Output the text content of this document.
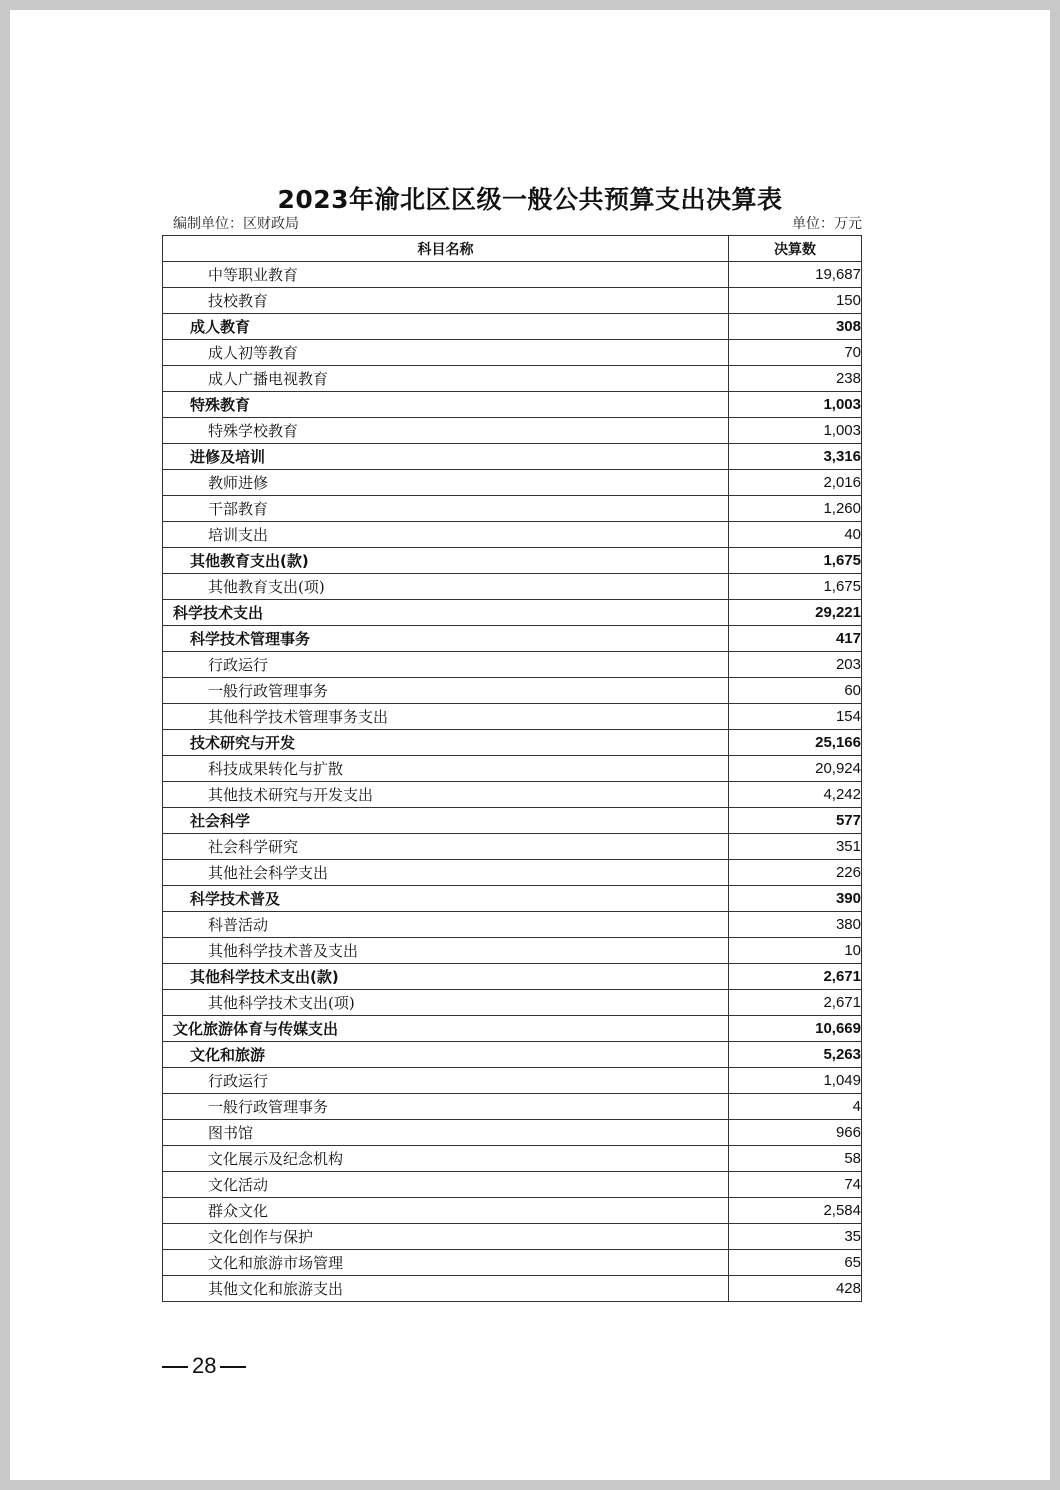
2023年渝北区区级一般公共预算支出决算表
编制单位：区财政局	单位：万元
科目名称	决算数
中等职业教育	19,687
技校教育	150
成人教育	308
成人初等教育	70
成人广播电视教育	238
特殊教育	1,003
特殊学校教育	1,003
进修及培训	3,316
教师进修	2,016
干部教育	1,260
培训支出	40
其他教育支出(款)	1,675
其他教育支出(项)	1,675
科学技术支出	29,221
科学技术管理事务	417
行政运行	203
一般行政管理事务	60
其他科学技术管理事务支出	154
技术研究与开发	25,166
科技成果转化与扩散	20,924
其他技术研究与开发支出	4,242
社会科学	577
社会科学研究	351
其他社会科学支出	226
科学技术普及	390
科普活动	380
其他科学技术普及支出	10
其他科学技术支出(款)	2,671
其他科学技术支出(项)	2,671
文化旅游体育与传媒支出	10,669
文化和旅游	5,263
行政运行	1,049
一般行政管理事务	4
图书馆	966
文化展示及纪念机构	58
文化活动	74
群众文化	2,584
文化创作与保护	35
文化和旅游市场管理	65
其他文化和旅游支出	428
28
